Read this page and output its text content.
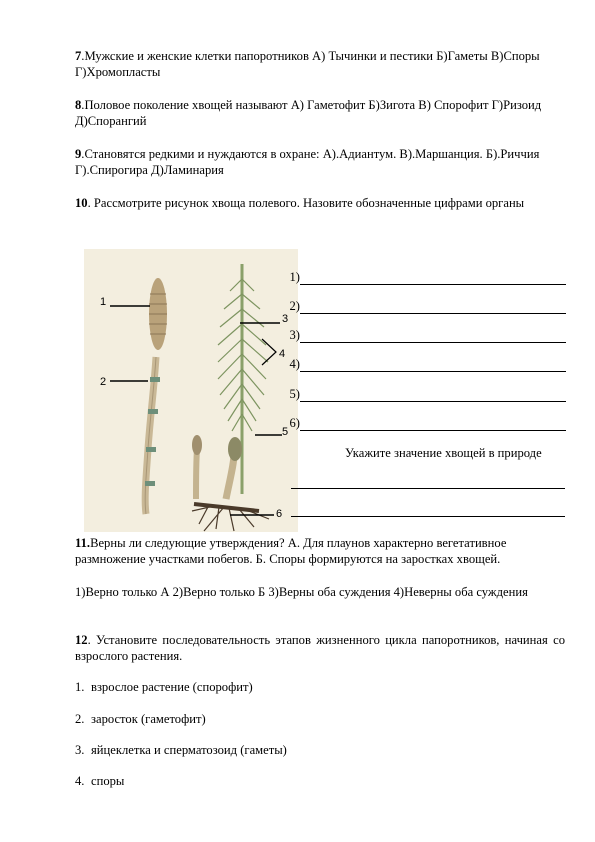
7.Мужские и женские клетки папоротников А) Тычинки и пестики Б)Гаметы В)Споры Г)Хромопласты
8.Половое поколение хвощей называют А) Гаметофит Б)Зигота В) Спорофит Г)Ризоид Д)Спорангий
9.Становятся редкими и нуждаются в охране: А).Адиантум. В).Маршанция. Б).Риччия Г).Спирогира Д)Ламинария
10. Рассмотрите рисунок хвоща полевого. Назовите обозначенные цифрами органы
1
2
3
4
5
6
1)
2)
3)
4)
5)
6)
Укажите значение хвощей в природе
11.Верны ли следующие утверждения? А. Для плаунов характерно вегетативное размножение участками побегов. Б. Споры формируются на заростках хвощей.
1)Верно только А 2)Верно только Б 3)Верны оба суждения 4)Неверны оба суждения
12. Установите последовательность этапов жизненного цикла папоротников, начиная со взрослого растения.
1. взрослое растение (спорофит)
2. заросток (гаметофит)
3. яйцеклетка и сперматозоид (гаметы)
4. споры
